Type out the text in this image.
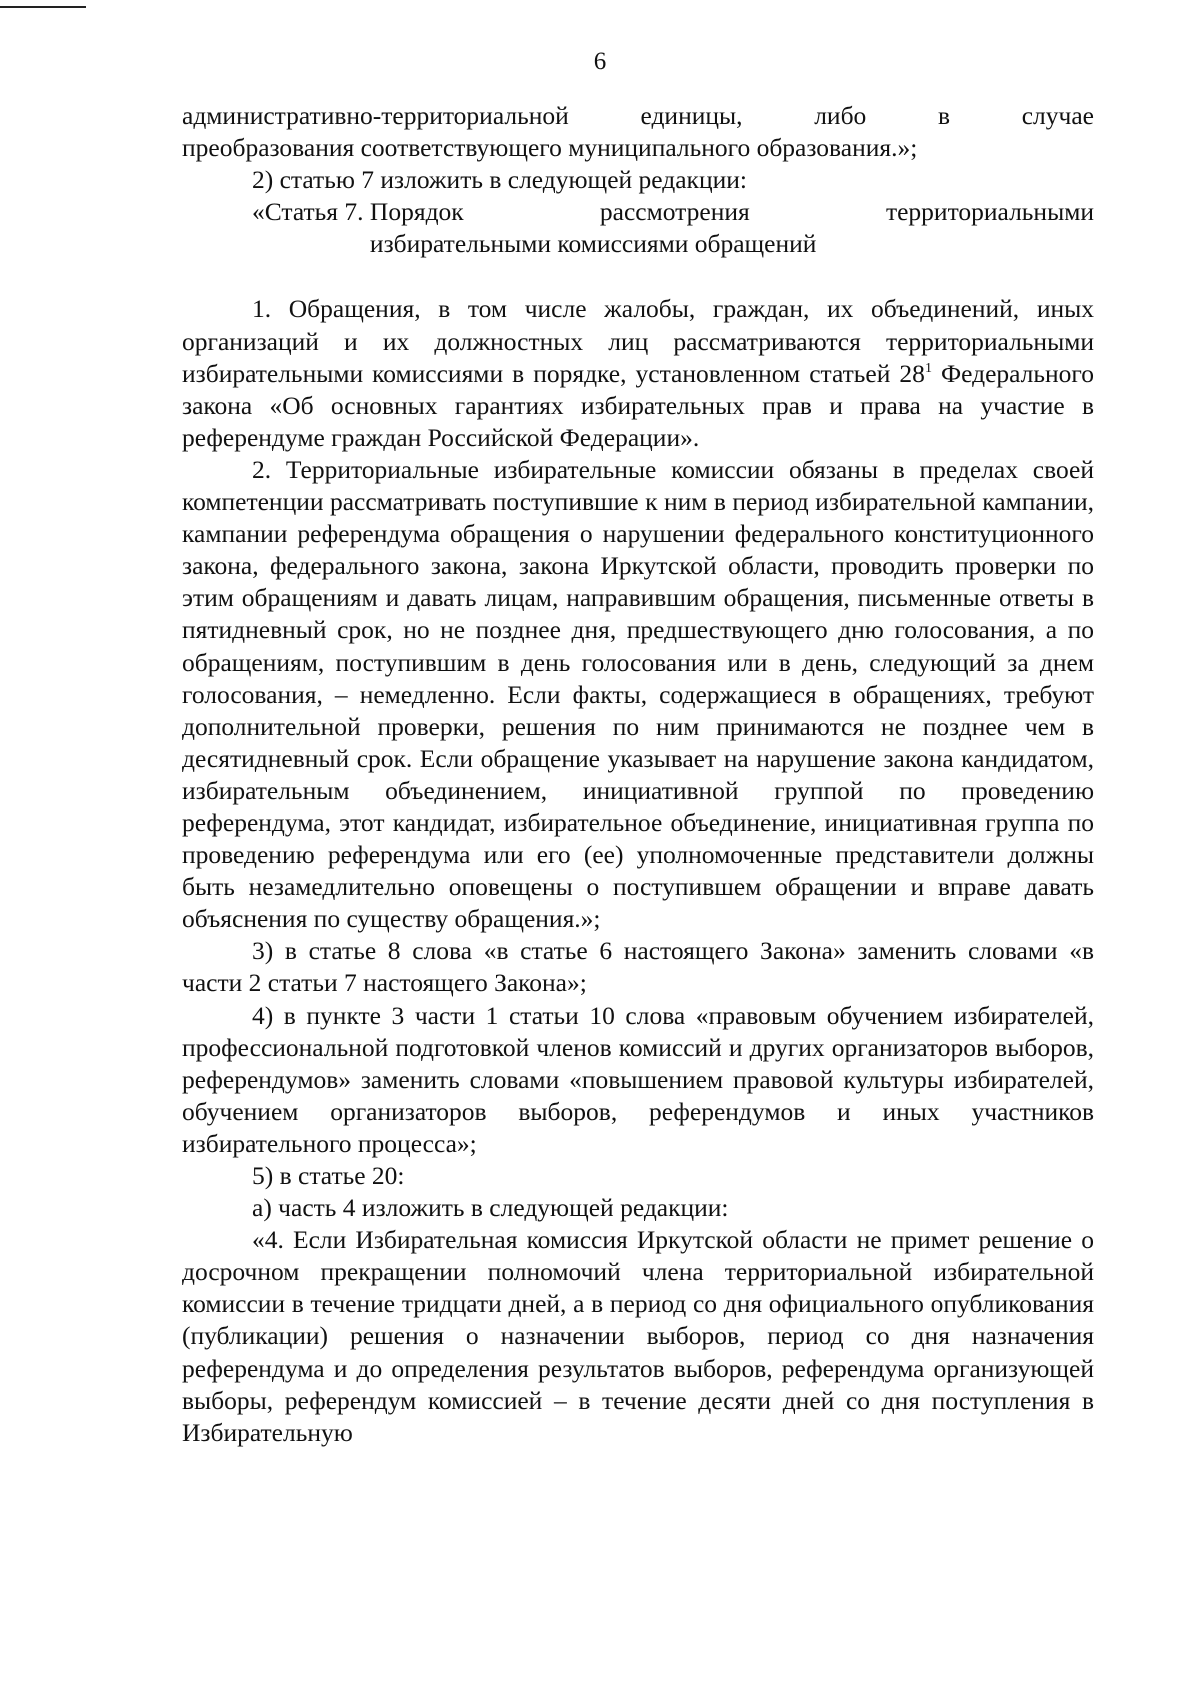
6

административно-территориальной единицы, либо в случае

преобразования соответствующего муниципального образования.»;

2) статью 7 изложить в следующей редакции:

«Статья 7. Порядок рассмотрения территориальными
избирательными комиссиями обращений

1. Обращения, в том числе жалобы, граждан, их объединений, иных организаций и их должностных лиц рассматриваются территориальными избирательными комиссиями в порядке, установленном статьей $28^1$ Федерального закона «Об основных гарантиях избирательных прав и права на участие в референдуме граждан Российской Федерации».

2. Территориальные избирательные комиссии обязаны в пределах своей компетенции рассматривать поступившие к ним в период избирательной кампании, кампании референдума обращения о нарушении федерального конституционного закона, федерального закона, закона Иркутской области, проводить проверки по этим обращениям и давать лицам, направившим обращения, письменные ответы в пятидневный срок, но не позднее дня, предшествующего дню голосования, а по обращениям, поступившим в день голосования или в день, следующий за днем голосования, – немедленно. Если факты, содержащиеся в обращениях, требуют дополнительной проверки, решения по ним принимаются не позднее чем в десятидневный срок. Если обращение указывает на нарушение закона кандидатом, избирательным объединением, инициативной группой по проведению референдума, этот кандидат, избирательное объединение, инициативная группа по проведению референдума или его (ее) уполномоченные представители должны быть незамедлительно оповещены о поступившем обращении и вправе давать объяснения по существу обращения.»;

3) в статье 8 слова «в статье 6 настоящего Закона» заменить словами «в части 2 статьи 7 настоящего Закона»;

4) в пункте 3 части 1 статьи 10 слова «правовым обучением избирателей, профессиональной подготовкой членов комиссий и других организаторов выборов, референдумов» заменить словами «повышением правовой культуры избирателей, обучением организаторов выборов, референдумов и иных участников избирательного процесса»;

5) в статье 20:

а) часть 4 изложить в следующей редакции:

«4. Если Избирательная комиссия Иркутской области не примет решение о досрочном прекращении полномочий члена территориальной избирательной комиссии в течение тридцати дней, а в период со дня официального опубликования (публикации) решения о назначении выборов, период со дня назначения референдума и до определения результатов выборов, референдума организующей выборы, референдум комиссией – в течение десяти дней со дня поступления в Избирательную
